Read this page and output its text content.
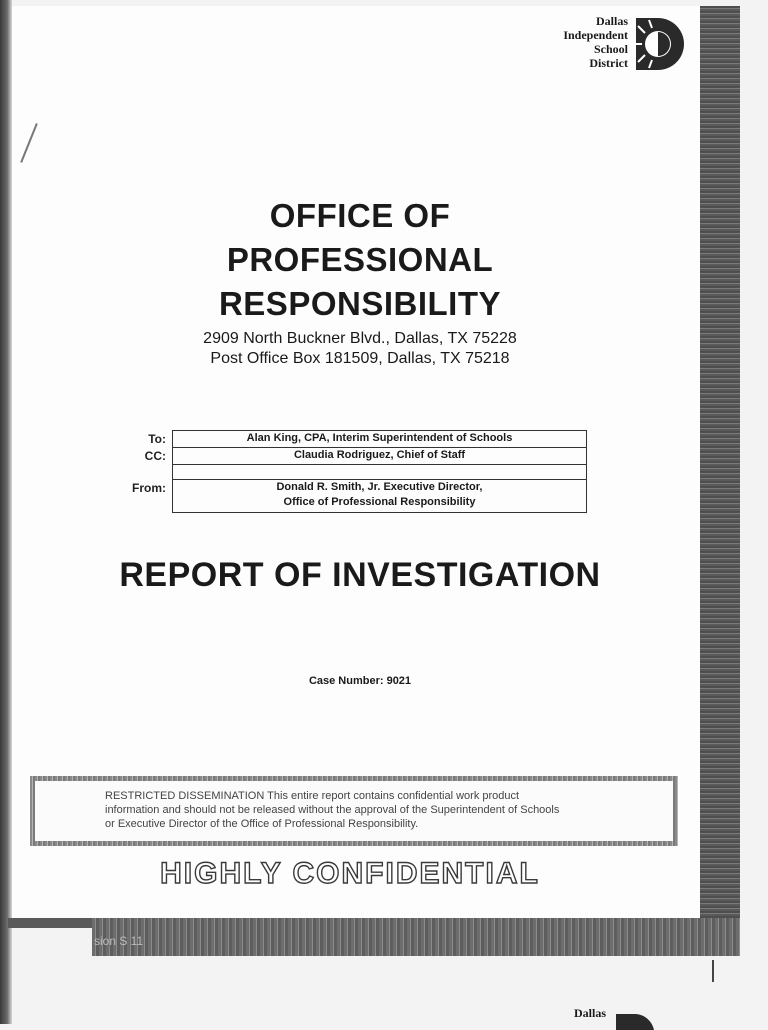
sion S 11
Dallas
Independent
School
District
OFFICE OF
PROFESSIONAL
RESPONSIBILITY
2909 North Buckner Blvd., Dallas, TX 75228
Post Office Box 181509, Dallas, TX 75218
To:	Alan King, CPA, Interim Superintendent of Schools
CC:	Claudia Rodriguez, Chief of Staff
From:	Donald R. Smith, Jr. Executive Director,
Office of Professional Responsibility
REPORT OF INVESTIGATION
Case Number: 9021
RESTRICTED DISSEMINATION This entire report contains confidential work product
information and should not be released without the approval of the Superintendent of Schools
or Executive Director of the Office of Professional Responsibility.
HIGHLY CONFIDENTIAL
Dallas
